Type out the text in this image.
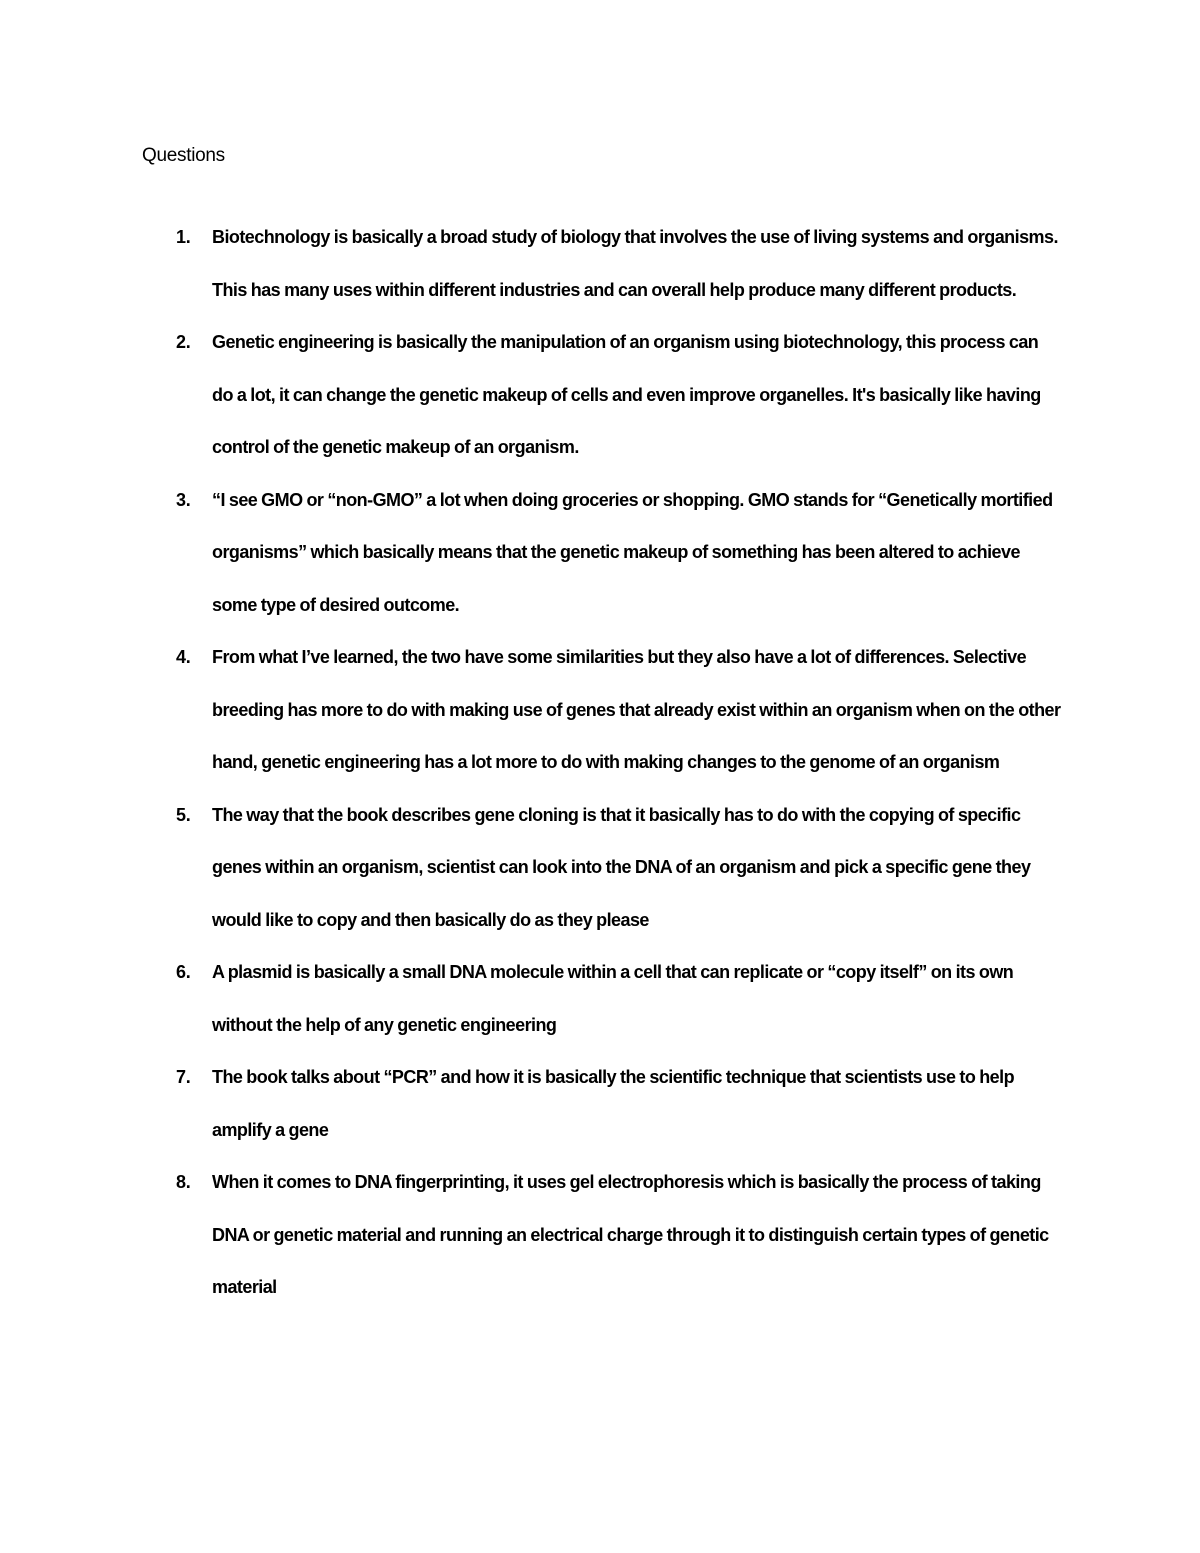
Questions
1. Biotechnology is basically a broad study of biology that involves the use of living systems and organisms. This has many uses within different industries and can overall help produce many different products.
2. Genetic engineering is basically the manipulation of an organism using biotechnology, this process can do a lot, it can change the genetic makeup of cells and even improve organelles. It's basically like having control of the genetic makeup of an organism.
3. “I see GMO or “non-GMO” a lot when doing groceries or shopping. GMO stands for “Genetically mortified organisms” which basically means that the genetic makeup of something has been altered to achieve some type of desired outcome.
4. From what I’ve learned, the two have some similarities but they also have a lot of differences. Selective breeding has more to do with making use of genes that already exist within an organism when on the other hand, genetic engineering has a lot more to do with making changes to the genome of an organism
5. The way that the book describes gene cloning is that it basically has to do with the copying of specific genes within an organism, scientist can look into the DNA of an organism and pick a specific gene they would like to copy and then basically do as they please
6. A plasmid is basically a small DNA molecule within a cell that can replicate or “copy itself” on its own without the help of any genetic engineering
7. The book talks about “PCR” and how it is basically the scientific technique that scientists use to help amplify a gene
8. When it comes to DNA fingerprinting, it uses gel electrophoresis which is basically the process of taking DNA or genetic material and running an electrical charge through it to distinguish certain types of genetic material
